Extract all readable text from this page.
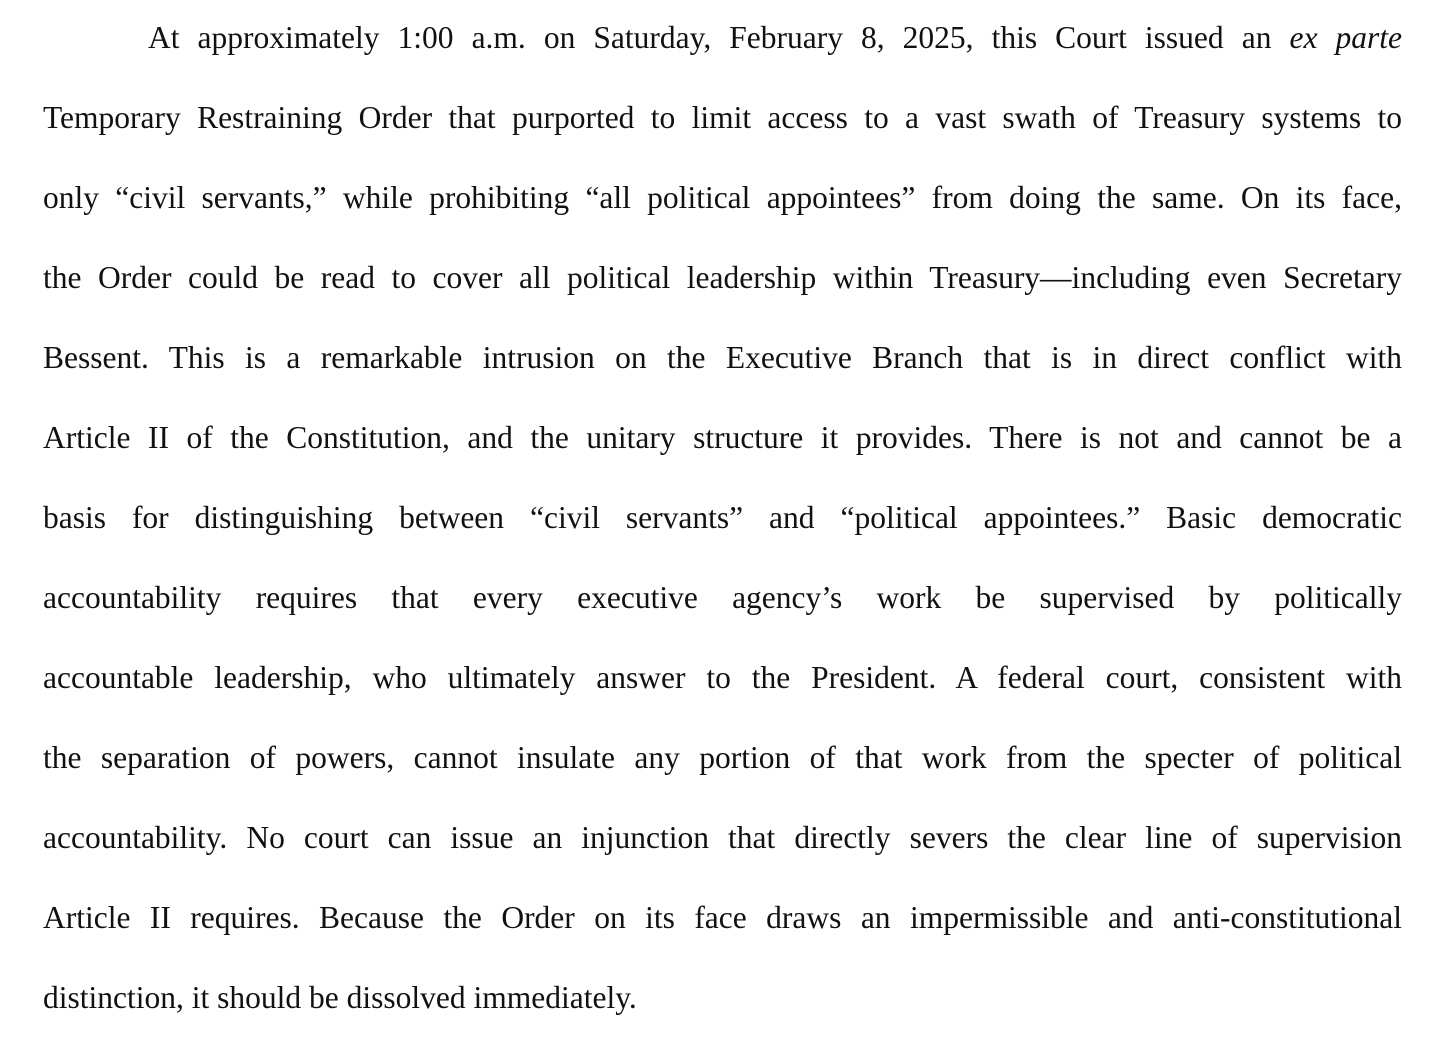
At approximately 1:00 a.m. on Saturday, February 8, 2025, this Court issued an ex parte
Temporary Restraining Order that purported to limit access to a vast swath of Treasury systems to
only “civil servants,” while prohibiting “all political appointees” from doing the same. On its face,
the Order could be read to cover all political leadership within Treasury—including even Secretary
Bessent. This is a remarkable intrusion on the Executive Branch that is in direct conflict with
Article II of the Constitution, and the unitary structure it provides. There is not and cannot be a
basis for distinguishing between “civil servants” and “political appointees.” Basic democratic
accountability requires that every executive agency’s work be supervised by politically
accountable leadership, who ultimately answer to the President. A federal court, consistent with
the separation of powers, cannot insulate any portion of that work from the specter of political
accountability. No court can issue an injunction that directly severs the clear line of supervision
Article II requires. Because the Order on its face draws an impermissible and anti-constitutional
distinction, it should be dissolved immediately.
